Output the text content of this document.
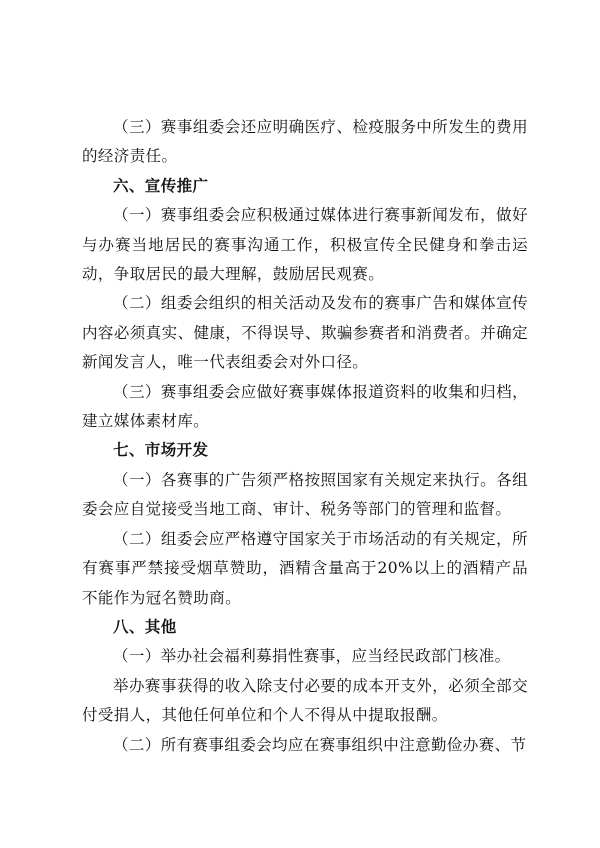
（三）赛事组委会还应明确医疗、检疫服务中所发生的费用的经济责任。

六、宣传推广

（一）赛事组委会应积极通过媒体进行赛事新闻发布，做好与办赛当地居民的赛事沟通工作，积极宣传全民健身和拳击运动，争取居民的最大理解，鼓励居民观赛。

（二）组委会组织的相关活动及发布的赛事广告和媒体宣传内容必须真实、健康，不得误导、欺骗参赛者和消费者。并确定新闻发言人，唯一代表组委会对外口径。

（三）赛事组委会应做好赛事媒体报道资料的收集和归档，建立媒体素材库。

七、市场开发

（一）各赛事的广告须严格按照国家有关规定来执行。各组委会应自觉接受当地工商、审计、税务等部门的管理和监督。

（二）组委会应严格遵守国家关于市场活动的有关规定，所有赛事严禁接受烟草赞助，酒精含量高于20%以上的酒精产品不能作为冠名赞助商。

八、其他

（一）举办社会福利募捐性赛事，应当经民政部门核准。

举办赛事获得的收入除支付必要的成本开支外，必须全部交付受捐人，其他任何单位和个人不得从中提取报酬。

（二）所有赛事组委会均应在赛事组织中注意勤俭办赛、节
